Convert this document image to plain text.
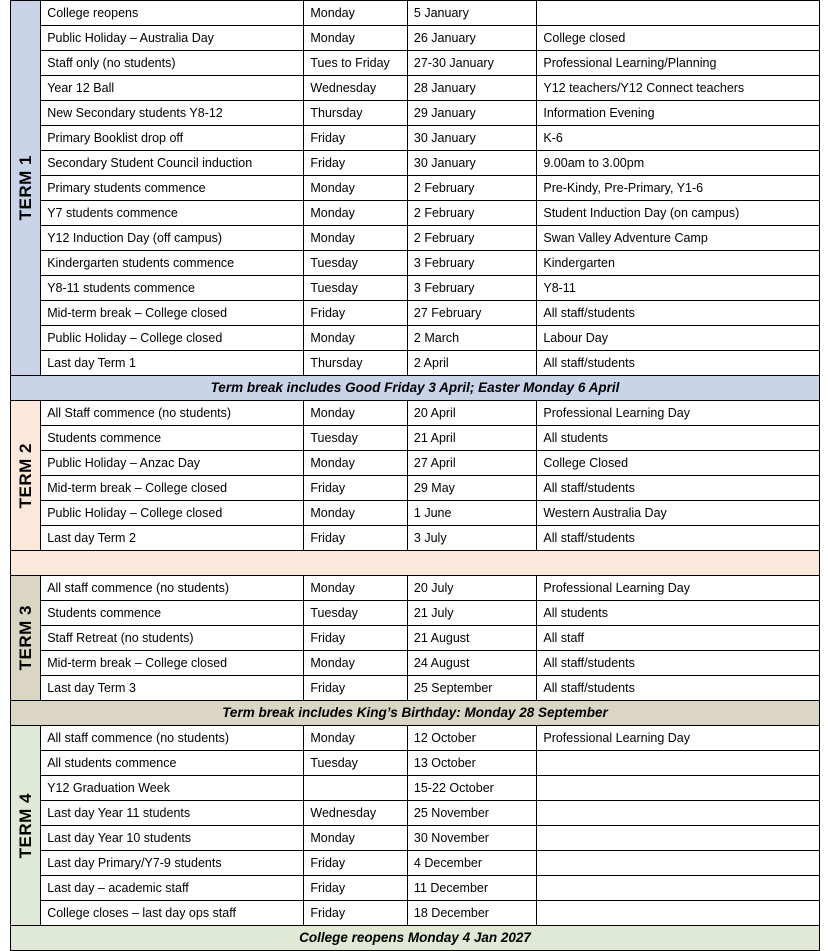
TERM 1	College reopens	Monday	5 January	
	Public Holiday – Australia Day	Monday	26 January	College closed
	Staff only (no students)	Tues to Friday	27-30 January	Professional Learning/Planning
	Year 12 Ball	Wednesday	28 January	Y12 teachers/Y12 Connect teachers
	New Secondary students Y8-12	Thursday	29 January	Information Evening
	Primary Booklist drop off	Friday	30 January	K-6
	Secondary Student Council induction	Friday	30 January	9.00am to 3.00pm
	Primary students commence	Monday	2 February	Pre-Kindy, Pre-Primary, Y1-6
	Y7 students commence	Monday	2 February	Student Induction Day (on campus)
	Y12 Induction Day (off campus)	Monday	2 February	Swan Valley Adventure Camp
	Kindergarten students commence	Tuesday	3 February	Kindergarten
	Y8-11 students commence	Tuesday	3 February	Y8-11
	Mid-term break – College closed	Friday	27 February	All staff/students
	Public Holiday – College closed	Monday	2 March	Labour Day
	Last day Term 1	Thursday	2 April	All staff/students
Term break includes Good Friday 3 April; Easter Monday 6 April				

TERM 2	All Staff commence (no students)	Monday	20 April	Professional Learning Day
	Students commence	Tuesday	21 April	All students
	Public Holiday – Anzac Day	Monday	27 April	College Closed
	Mid-term break – College closed	Friday	29 May	All staff/students
	Public Holiday – College closed	Monday	1 June	Western Australia Day
	Last day Term 2	Friday	3 July	All staff/students

TERM 3	All staff commence (no students)	Monday	20 July	Professional Learning Day
	Students commence	Tuesday	21 July	All students
	Staff Retreat (no students)	Friday	21 August	All staff
	Mid-term break – College closed	Monday	24 August	All staff/students
	Last day Term 3	Friday	25 September	All staff/students
Term break includes King’s Birthday: Monday 28 September				

TERM 4	All staff commence (no students)	Monday	12 October	Professional Learning Day
	All students commence	Tuesday	13 October	
	Y12 Graduation Week		15-22 October	
	Last day Year 11 students	Wednesday	25 November	
	Last day Year 10 students	Monday	30 November	
	Last day Primary/Y7-9 students	Friday	4 December	
	Last day – academic staff	Friday	11 December	
	College closes – last day ops staff	Friday	18 December	
College reopens Monday 4 Jan 2027				
